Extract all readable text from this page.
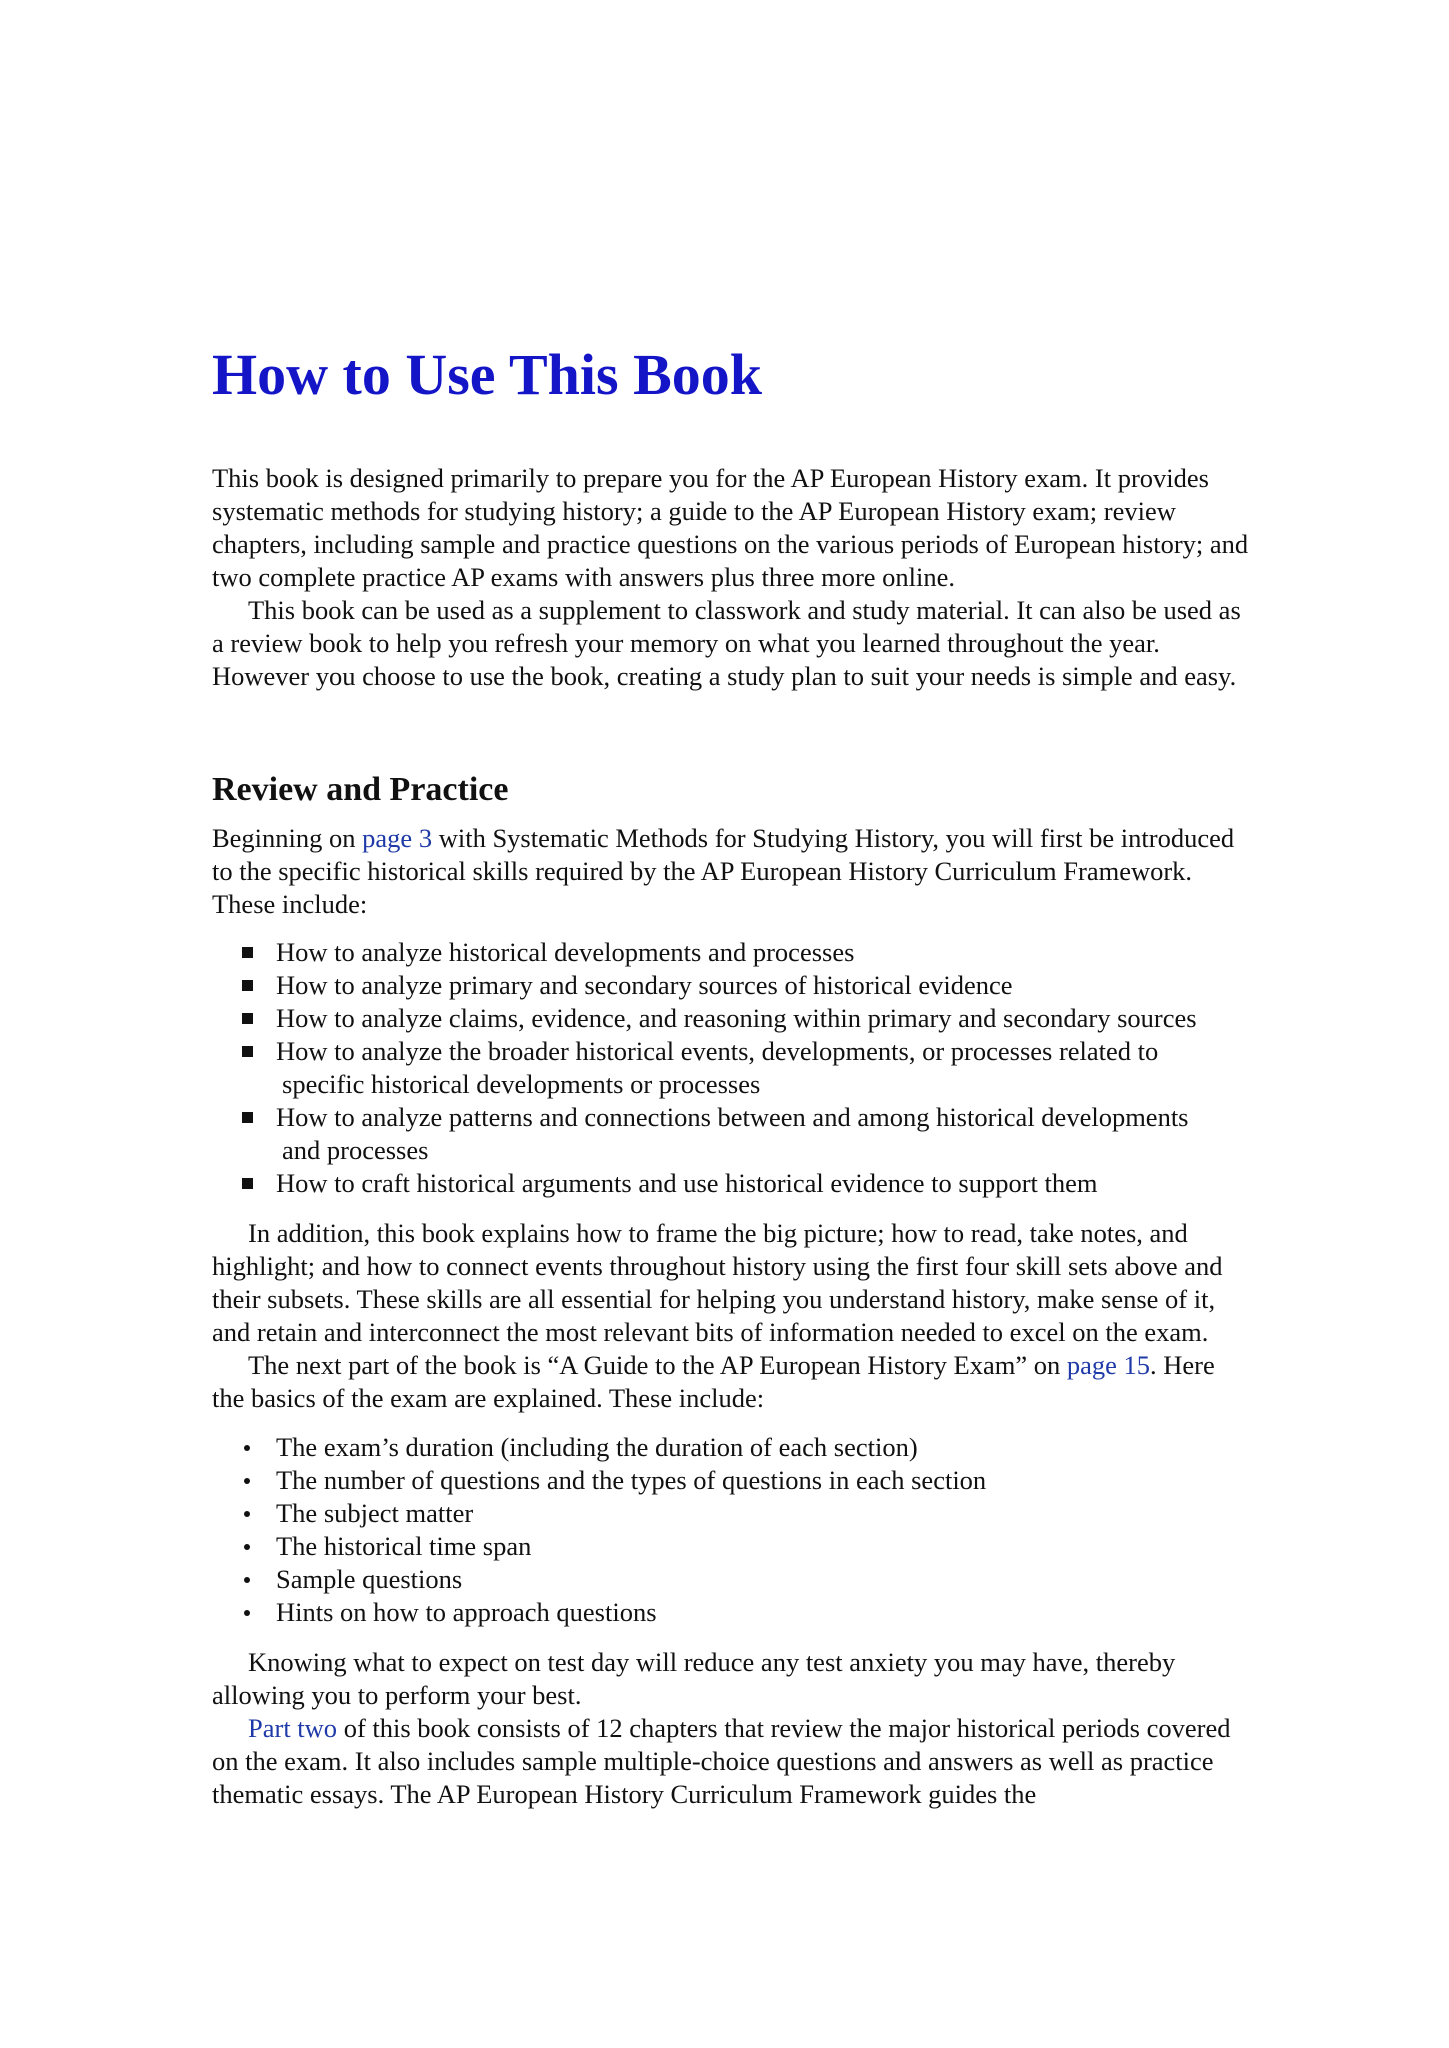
How to Use This Book

This book is designed primarily to prepare you for the AP European History exam. It provides systematic methods for studying history; a guide to the AP European History exam; review chapters, including sample and practice questions on the various periods of European history; and two complete practice AP exams with answers plus three more online.

This book can be used as a supplement to classwork and study material. It can also be used as a review book to help you refresh your memory on what you learned throughout the year. However you choose to use the book, creating a study plan to suit your needs is simple and easy.

Review and Practice

Beginning on page 3 with Systematic Methods for Studying History, you will first be introduced to the specific historical skills required by the AP European History Curriculum Framework. These include:

How to analyze historical developments and processes
How to analyze primary and secondary sources of historical evidence
How to analyze claims, evidence, and reasoning within primary and secondary sources
How to analyze the broader historical events, developments, or processes related to
specific historical developments or processes
How to analyze patterns and connections between and among historical developments
and processes
How to craft historical arguments and use historical evidence to support them

In addition, this book explains how to frame the big picture; how to read, take notes, and highlight; and how to connect events throughout history using the first four skill sets above and their subsets. These skills are all essential for helping you understand history, make sense of it, and retain and interconnect the most relevant bits of information needed to excel on the exam.

The next part of the book is “A Guide to the AP European History Exam” on page 15. Here the basics of the exam are explained. These include:

The exam’s duration (including the duration of each section)
The number of questions and the types of questions in each section
The subject matter
The historical time span
Sample questions
Hints on how to approach questions

Knowing what to expect on test day will reduce any test anxiety you may have, thereby allowing you to perform your best.

Part two of this book consists of 12 chapters that review the major historical periods covered on the exam. It also includes sample multiple-choice questions and answers as well as practice thematic essays. The AP European History Curriculum Framework guides the
